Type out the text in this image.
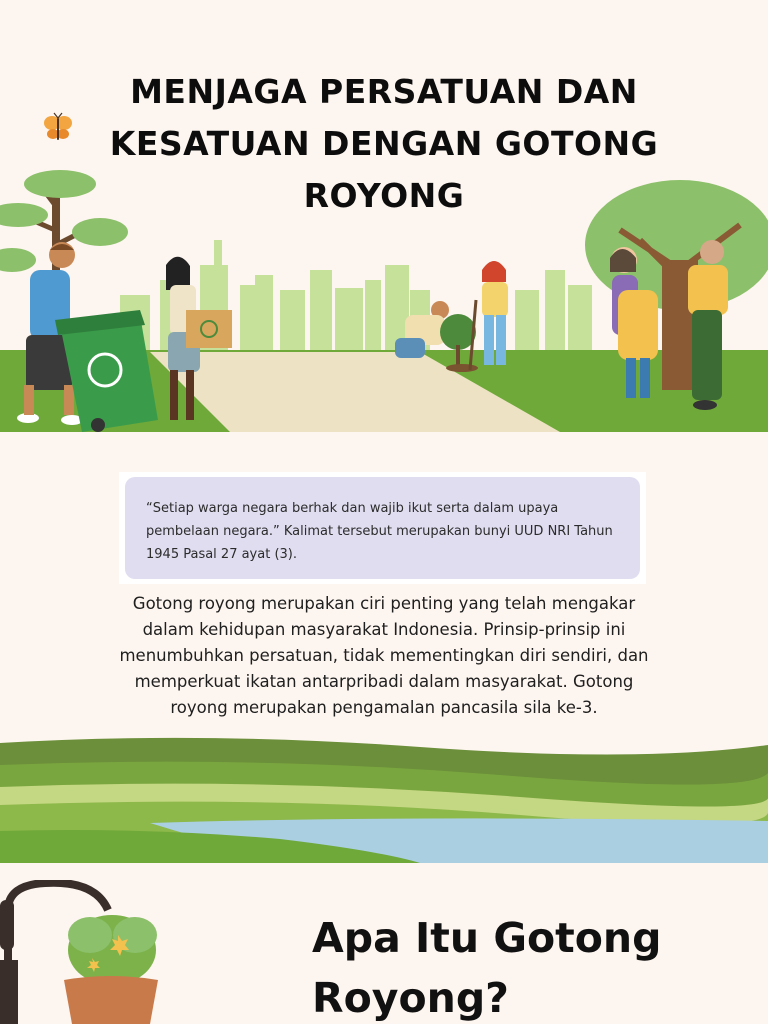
MENJAGA PERSATUAN DAN KESATUAN DENGAN GOTONG ROYONG
“Setiap warga negara berhak dan wajib ikut serta dalam upaya pembelaan negara.” Kalimat tersebut merupakan bunyi UUD NRI Tahun 1945 Pasal 27 ayat (3).

Gotong royong merupakan ciri penting yang telah mengakar dalam kehidupan masyarakat Indonesia. Prinsip-prinsip ini menumbuhkan persatuan, tidak mementingkan diri sendiri, dan memperkuat ikatan antarpribadi dalam masyarakat. Gotong royong merupakan pengamalan pancasila sila ke-3.

Apa Itu Gotong Royong?
